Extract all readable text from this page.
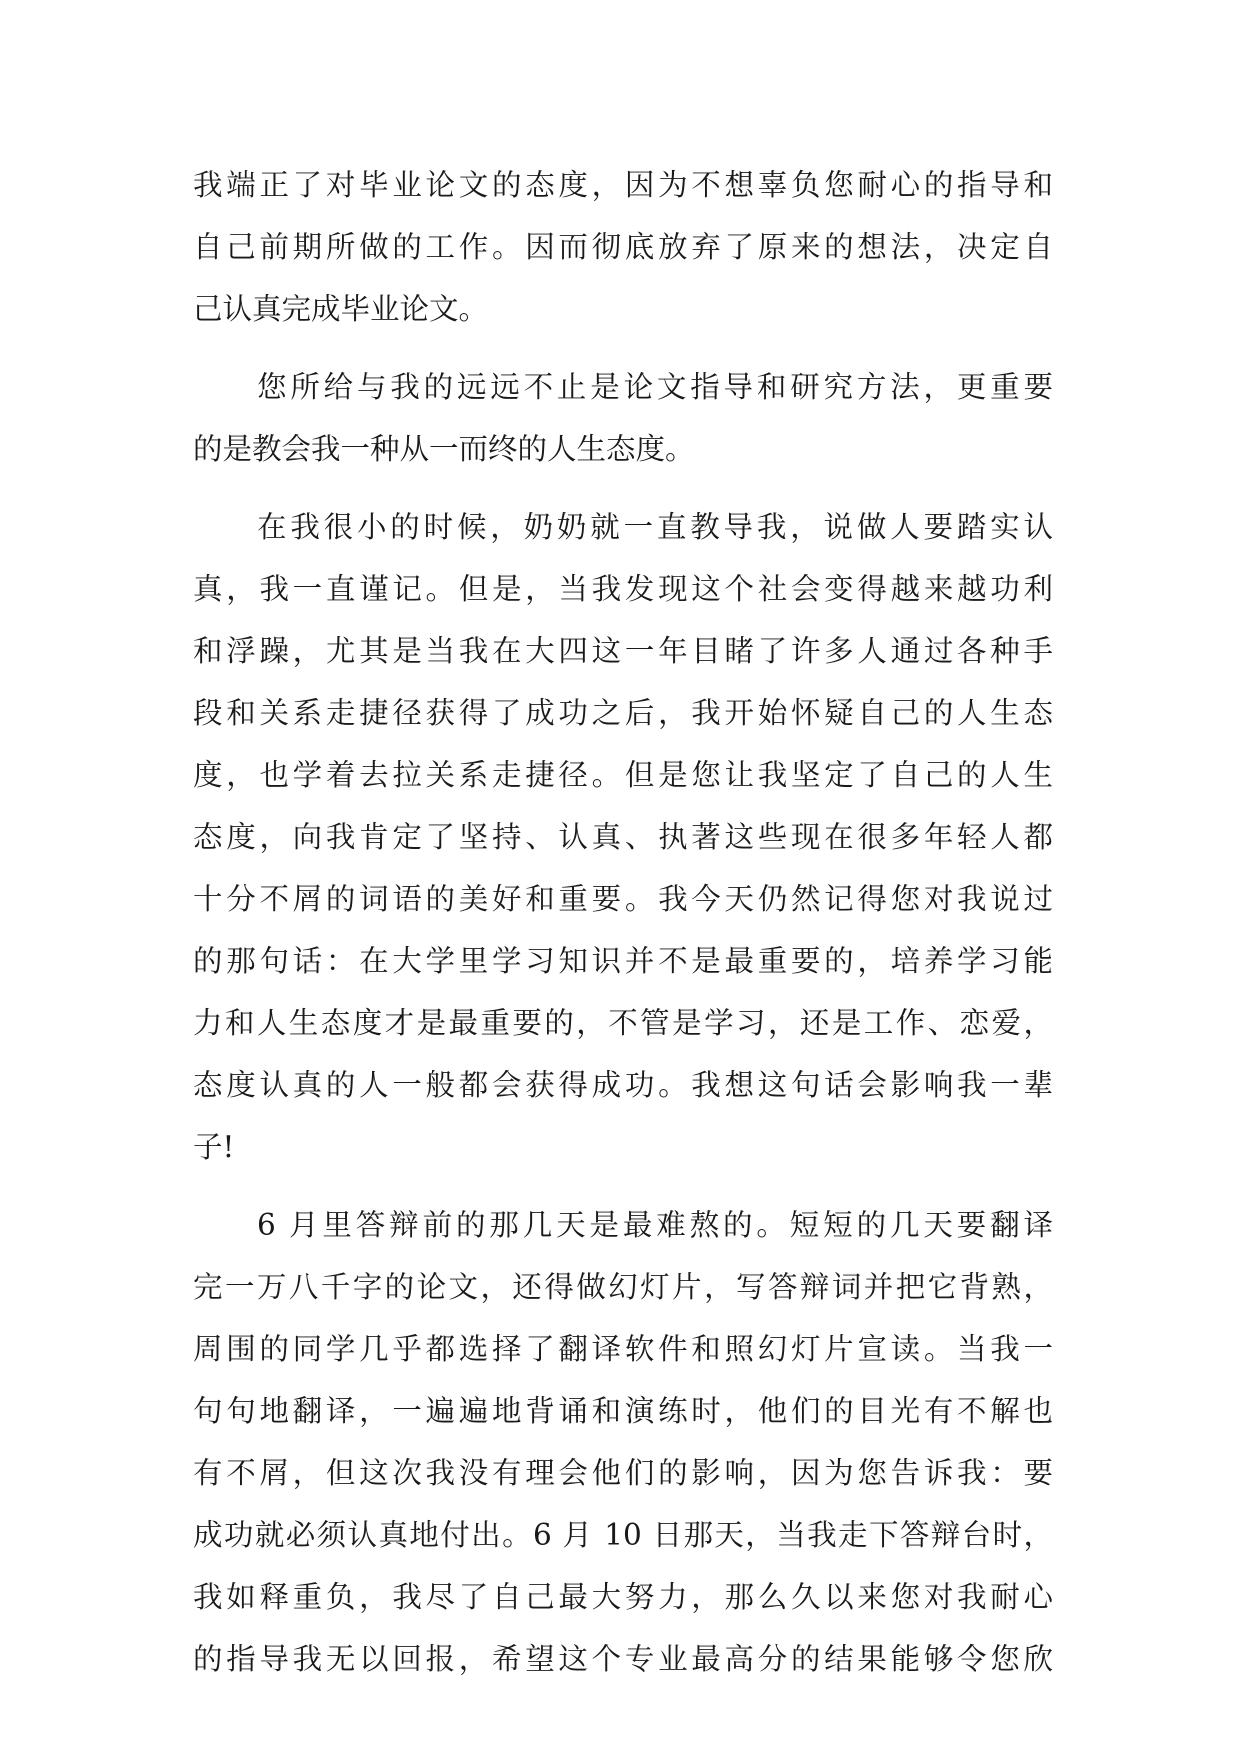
我端正了对毕业论文的态度，因为不想辜负您耐心的指导和
自己前期所做的工作。因而彻底放弃了原来的想法，决定自
己认真完成毕业论文。
您所给与我的远远不止是论文指导和研究方法，更重要
的是教会我一种从一而终的人生态度。
在我很小的时候，奶奶就一直教导我，说做人要踏实认
真，我一直谨记。但是，当我发现这个社会变得越来越功利
和浮躁，尤其是当我在大四这一年目睹了许多人通过各种手
段和关系走捷径获得了成功之后，我开始怀疑自己的人生态
度，也学着去拉关系走捷径。但是您让我坚定了自己的人生
态度，向我肯定了坚持、认真、执著这些现在很多年轻人都
十分不屑的词语的美好和重要。我今天仍然记得您对我说过
的那句话：在大学里学习知识并不是最重要的，培养学习能
力和人生态度才是最重要的，不管是学习，还是工作、恋爱，
态度认真的人一般都会获得成功。我想这句话会影响我一辈
子!
6 月里答辩前的那几天是最难熬的。短短的几天要翻译
完一万八千字的论文，还得做幻灯片，写答辩词并把它背熟，
周围的同学几乎都选择了翻译软件和照幻灯片宣读。当我一
句句地翻译，一遍遍地背诵和演练时，他们的目光有不解也
有不屑，但这次我没有理会他们的影响，因为您告诉我：要
成功就必须认真地付出。6 月 10 日那天，当我走下答辩台时，
我如释重负，我尽了自己最大努力，那么久以来您对我耐心
的指导我无以回报，希望这个专业最高分的结果能够令您欣
